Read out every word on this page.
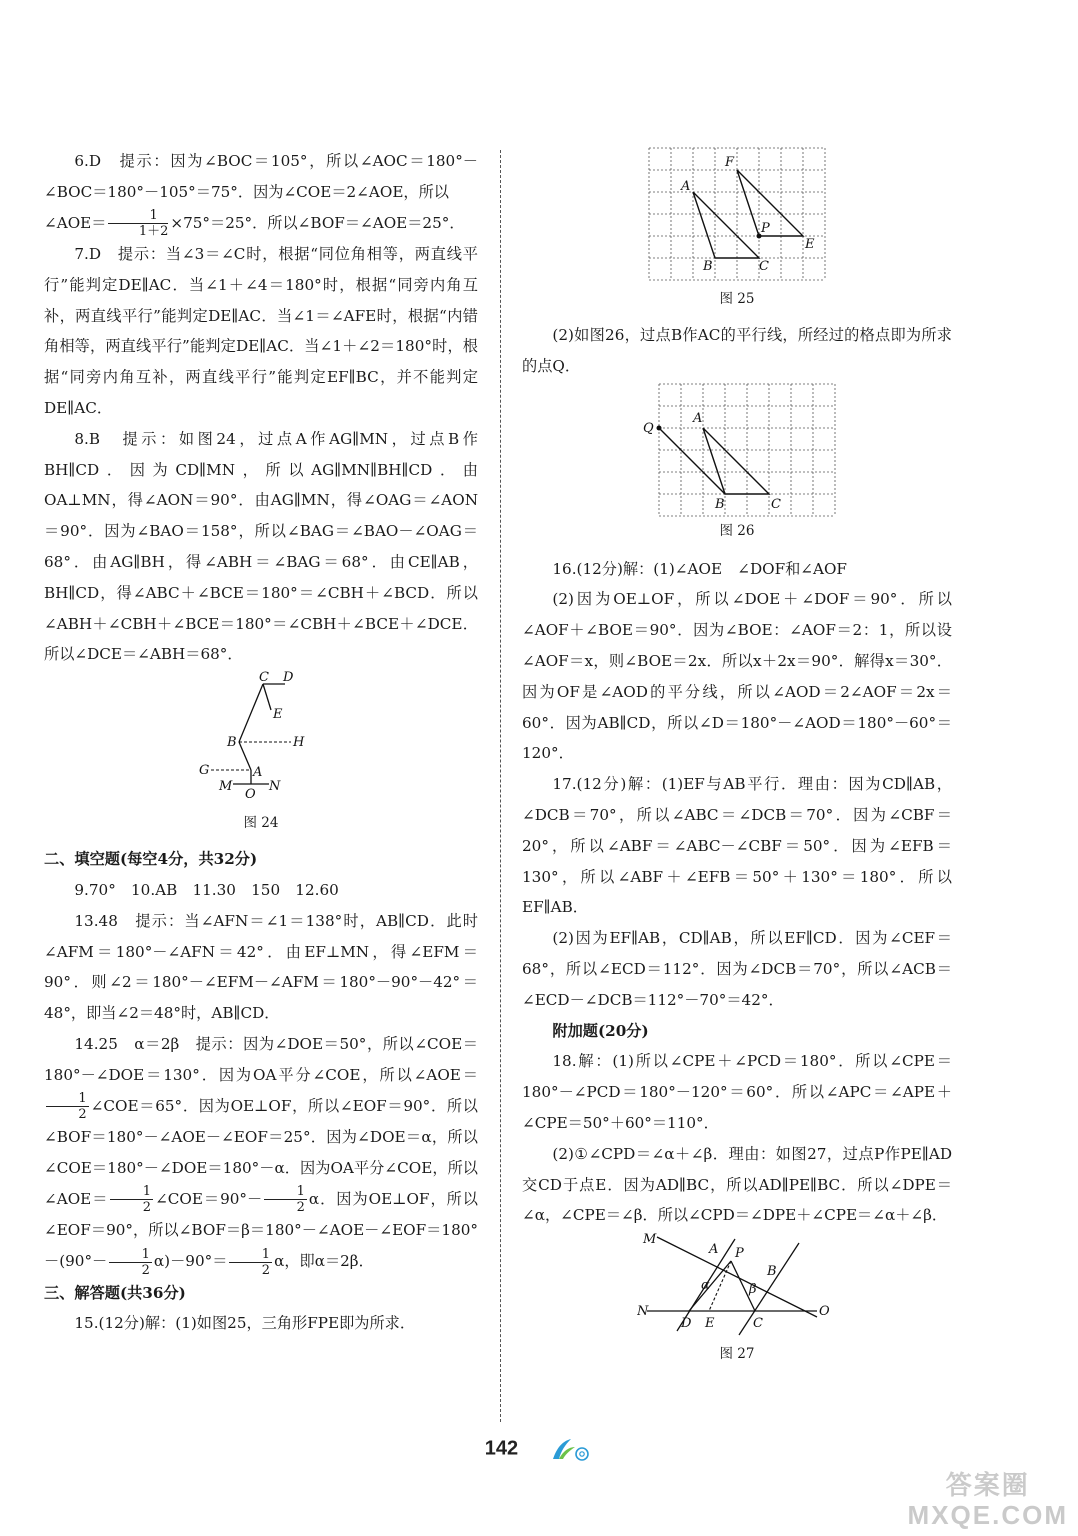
6.D　提示：因为∠BOC＝105°，所以∠AOC＝180°－∠BOC＝180°－105°＝75°．因为∠COE＝2∠AOE，所以
∠AOE＝ $\frac{1}{1+2} \times 75^\circ=25^\circ$．所以∠BOF＝∠AOE＝25°．

7.D　提示：当∠3＝∠C时，根据“同位角相等，两直线平行”能判定DE∥AC．当∠1＋∠4＝180°时，根据“同旁内角互补，两直线平行”能判定DE∥AC．当∠1＝∠AFE时，根据“内错角相等，两直线平行”能判定DE∥AC．当∠1＋∠2＝180°时，根据“同旁内角互补，两直线平行”能判定EF∥BC，并不能判定DE∥AC．

8.B　提示：如图24，过点A作AG∥MN，过点B作BH∥CD．因为CD∥MN，所以AG∥MN∥BH∥CD．由OA⊥MN，得∠AON＝90°．由AG∥MN，得∠OAG＝∠AON＝90°．因为∠BAO＝158°，所以∠BAG＝∠BAO－∠OAG＝68°．由AG∥BH，得∠ABH＝∠BAG＝68°．由CE∥AB，BH∥CD，得∠ABC＋∠BCE＝180°＝∠CBH＋∠BCD．所以∠ABH＋∠CBH＋∠BCE＝180°＝∠CBH＋∠BCE＋∠DCE．所以∠DCE＝∠ABH＝68°．

C D
E
B	H
G	A
M
O
N
图 24

二、填空题(每空4分，共32分)

9.70°　10.AB　11.30　150　12.60

13.48　提示：当∠AFN＝∠1＝138°时，AB∥CD．此时∠AFM＝180°－∠AFN＝42°．由EF⊥MN，得∠EFM＝90°．则∠2＝180°－∠EFM－∠AFM＝180°－90°－42°＝48°，即当∠2＝48°时，AB∥CD．

14.25　α＝2β　提示：因为∠DOE＝50°，所以∠COE＝180°－∠DOE＝130°．因为OA平分∠COE，所以∠AOE＝
$\frac{1}{2}$ ∠COE＝65°．因为OE⊥OF，所以∠EOF＝90°．所以∠BOF＝180°－∠AOE－∠EOF＝25°．因为∠DOE＝α，所以∠COE＝180°－∠DOE＝180°－α．因为OA平分∠COE，所以∠AOE＝ $\frac{1}{2}$ ∠COE＝90°－ $\frac{1}{2}$ α．因为OE⊥OF，所以∠EOF＝90°，所以∠BOF＝β＝180°－∠AOE－∠EOF＝180°－(90°－ $\frac{1}{2} \alpha)-90^\circ= \frac{1}{2}$ α，即α＝2β．

三、解答题(共36分)

15.(12分)解：(1)如图25，三角形FPE即为所求．

F
A
P
E
B	C
图 25

(2)如图26，过点B作AC的平行线，所经过的格点即为所求的点Q．

Q
A
B	C
图 26

16.(12分)解：(1)∠AOE　∠DOF和∠AOF

(2)因为OE⊥OF，所以∠DOE＋∠DOF＝90°．所以∠AOF＋∠BOE＝90°．因为∠BOE：∠AOF＝2：1，所以设∠AOF＝x，则∠BOE＝2x．所以x＋2x＝90°．解得x＝30°．因为OF是∠AOD的平分线，所以∠AOD＝2∠AOF＝2x＝60°．因为AB∥CD，所以∠D＝180°－∠AOD＝180°－60°＝120°．

17.(12分)解：(1)EF与AB平行．理由：因为CD∥AB，∠DCB＝70°，所以∠ABC＝∠DCB＝70°．因为∠CBF＝20°，所以∠ABF＝∠ABC－∠CBF＝50°．因为∠EFB＝130°，所以∠ABF＋∠EFB＝50°＋130°＝180°．所以EF∥AB．

(2)因为EF∥AB，CD∥AB，所以EF∥CD．因为∠CEF＝68°，所以∠ECD＝112°．因为∠DCB＝70°，所以∠ACB＝∠ECD－∠DCB＝112°－70°＝42°．

附加题(20分)

18.解：(1)所以∠CPE＋∠PCD＝180°．所以∠CPE＝180°－∠PCD＝180°－120°＝60°．所以∠APC＝∠APE＋∠CPE＝50°＋60°＝110°．

(2)①∠CPD＝∠α＋∠β．理由：如图27，过点P作PE∥AD交CD于点E．因为AD∥BC，所以AD∥PE∥BC．所以∠DPE＝∠α，∠CPE＝∠β．所以∠CPD＝∠DPE＋∠CPE＝∠α＋∠β．

M
A P
B
α	β
N
D E	C
O
图 27
142
答案圈
MXQE.COM
